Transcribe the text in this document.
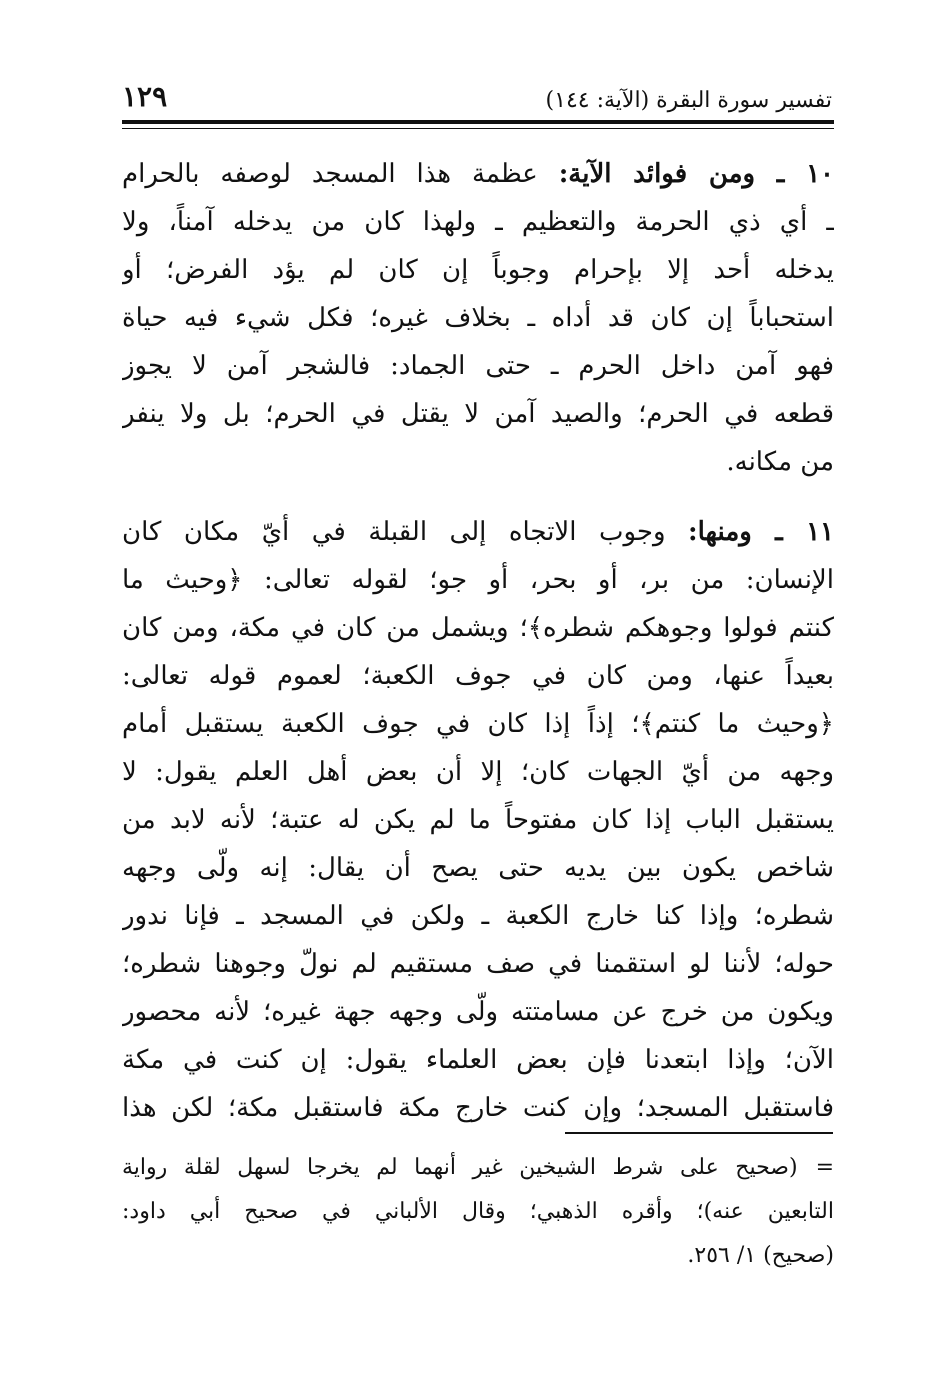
تفسير سورة البقرة (الآية: ١٤٤)
١٢٩
١٠ ـ ومن فوائد الآية: عظمة هذا المسجد لوصفه بالحرام
ـ أي ذي الحرمة والتعظيم ـ ولهذا كان من يدخله آمناً، ولا
يدخله أحد إلا بإحرام وجوباً إن كان لم يؤد الفرض؛ أو
استحباباً إن كان قد أداه ـ بخلاف غيره؛ فكل شيء فيه حياة
فهو آمن داخل الحرم ـ حتى الجماد: فالشجر آمن لا يجوز
قطعه في الحرم؛ والصيد آمن لا يقتل في الحرم؛ بل ولا ينفر
من مكانه.
١١ ـ ومنها: وجوب الاتجاه إلى القبلة في أيّ مكان كان
الإنسان: من بر، أو بحر، أو جو؛ لقوله تعالى: ﴿وحيث ما
كنتم فولوا وجوهكم شطره﴾؛ ويشمل من كان في مكة، ومن كان
بعيداً عنها، ومن كان في جوف الكعبة؛ لعموم قوله تعالى:
﴿وحيث ما كنتم﴾؛ إذاً إذا كان في جوف الكعبة يستقبل أمام
وجهه من أيّ الجهات كان؛ إلا أن بعض أهل العلم يقول: لا
يستقبل الباب إذا كان مفتوحاً ما لم يكن له عتبة؛ لأنه لابد من
شاخص يكون بين يديه حتى يصح أن يقال: إنه ولّى وجهه
شطره؛ وإذا كنا خارج الكعبة ـ ولكن في المسجد ـ فإنا ندور
حوله؛ لأننا لو استقمنا في صف مستقيم لم نولّ وجوهنا شطره؛
ويكون من خرج عن مسامتته ولّى وجهه جهة غيره؛ لأنه محصور
الآن؛ وإذا ابتعدنا فإن بعض العلماء يقول: إن كنت في مكة
فاستقبل المسجد؛ وإن كنت خارج مكة فاستقبل مكة؛ لكن هذا
=(صحيح على شرط الشيخين غير أنهما لم يخرجا لسهل لقلة رواية
التابعين عنه)؛ وأقره الذهبي؛ وقال الألباني في صحيح أبي داود:
(صحيح) ١/ ٢٥٦.
